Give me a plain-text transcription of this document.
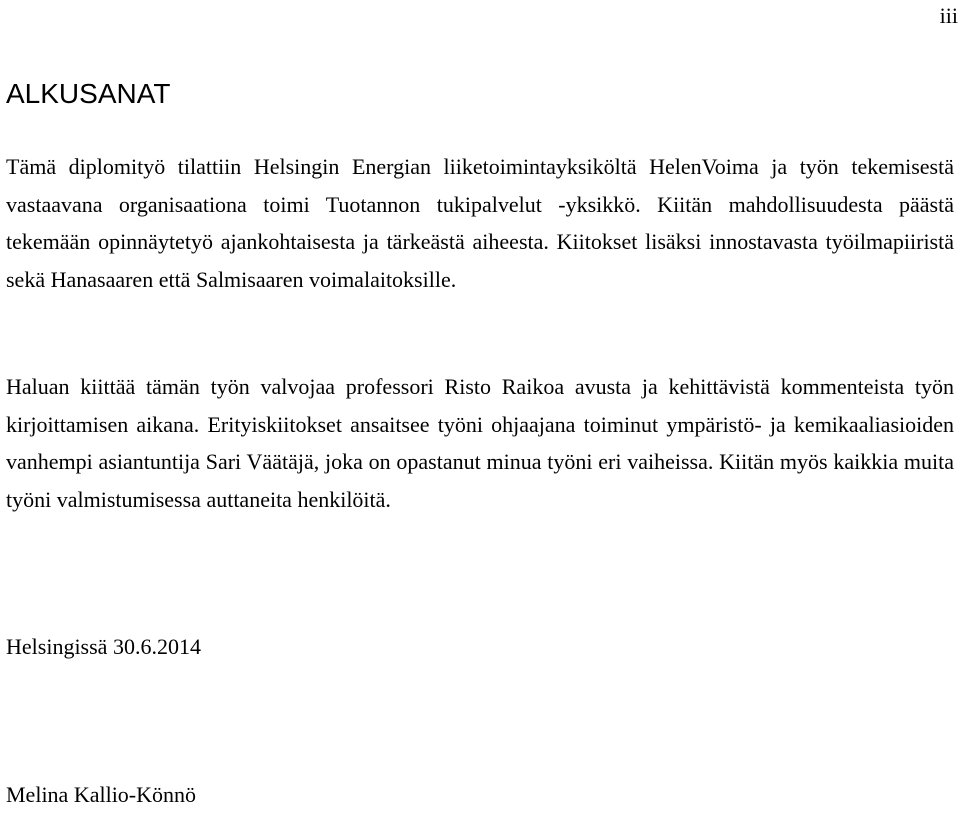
iii
ALKUSANAT

Tämä diplomityö tilattiin Helsingin Energian liiketoimintayksiköltä HelenVoima ja työn tekemisestä vastaavana organisaationa toimi Tuotannon tukipalvelut -yksikkö. Kiitän mahdollisuudesta päästä tekemään opinnäytetyö ajankohtaisesta ja tärkeästä aiheesta. Kiitokset lisäksi innostavasta työilmapiiristä sekä Hanasaaren että Salmisaaren voimalaitoksille.

Haluan kiittää tämän työn valvojaa professori Risto Raikoa avusta ja kehittävistä kommenteista työn kirjoittamisen aikana. Erityiskiitokset ansaitsee työni ohjaajana toiminut ympäristö- ja kemikaaliasioiden vanhempi asiantuntija Sari Väätäjä, joka on opastanut minua työni eri vaiheissa. Kiitän myös kaikkia muita työni valmistumisessa auttaneita henkilöitä.

Helsingissä 30.6.2014
Melina Kallio-Könnö
